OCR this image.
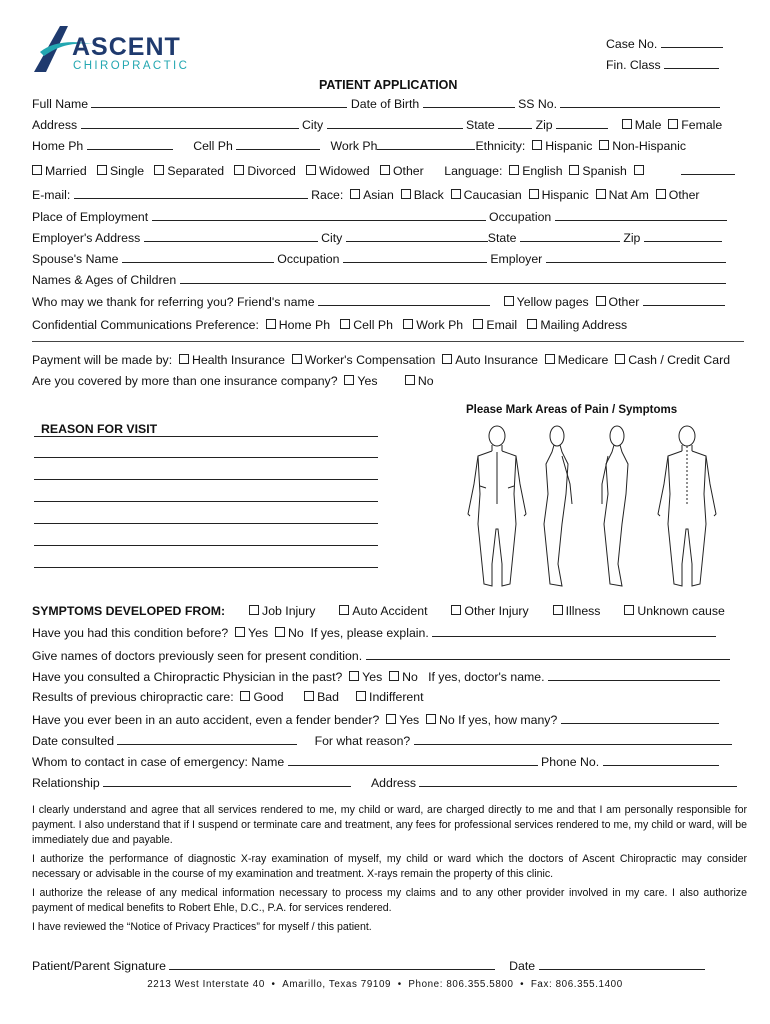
ASCENT
CHIROPRACTIC
Case No.
Fin. Class
PATIENT APPLICATION
Full Name	Date of Birth	SS No.
Address	City	State	Zip	Male Female
Home Ph	Cell Ph	Work Ph	Ethnicity: Hispanic Non-Hispanic
Married Single Separated Divorced Widowed Other Language: English Spanish
E-mail:	Race: Asian Black Caucasian Hispanic Nat Am Other
Place of Employment	Occupation
Employer's Address	City	State	Zip
Spouse's Name	Occupation	Employer
Names & Ages of Children
Who may we thank for referring you? Friend's name	Yellow pages Other
Confidential Communications Preference: Home Ph Cell Ph Work Ph Email Mailing Address
Payment will be made by: Health Insurance Worker's Compensation Auto Insurance Medicare Cash / Credit Card
Are you covered by more than one insurance company? Yes	No
Please Mark Areas of Pain / Symptoms
REASON FOR VISIT
SYMPTOMS DEVELOPED FROM:	Job Injury	Auto Accident	Other Injury	Illness	Unknown cause
Have you had this condition before? Yes No If yes, please explain.
Give names of doctors previously seen for present condition.
Have you consulted a Chiropractic Physician in the past? Yes No If yes, doctor's name.
Results of previous chiropractic care: Good	Bad Indifferent
Have you ever been in an auto accident, even a fender bender? Yes No If yes, how many?
Date consulted	For what reason?
Whom to contact in case of emergency: Name	Phone No.
Relationship	Address
I clearly understand and agree that all services rendered to me, my child or ward, are charged directly to me and that I am personally responsible for payment. I also understand that if I suspend or terminate care and treatment, any fees for professional services rendered to me, my child or ward, will be immediately due and payable.
I authorize the performance of diagnostic X-ray examination of myself, my child or ward which the doctors of Ascent Chiropractic may consider necessary or advisable in the course of my examination and treatment. X-rays remain the property of this clinic.
I authorize the release of any medical information necessary to process my claims and to any other provider involved in my care. I also authorize payment of medical benefits to Robert Ehle, D.C., P.A. for services rendered.
I have reviewed the “Notice of Privacy Practices” for myself / this patient.
Patient/Parent Signature	Date
2213 West Interstate 40 • Amarillo, Texas 79109 • Phone: 806.355.5800 • Fax: 806.355.1400
